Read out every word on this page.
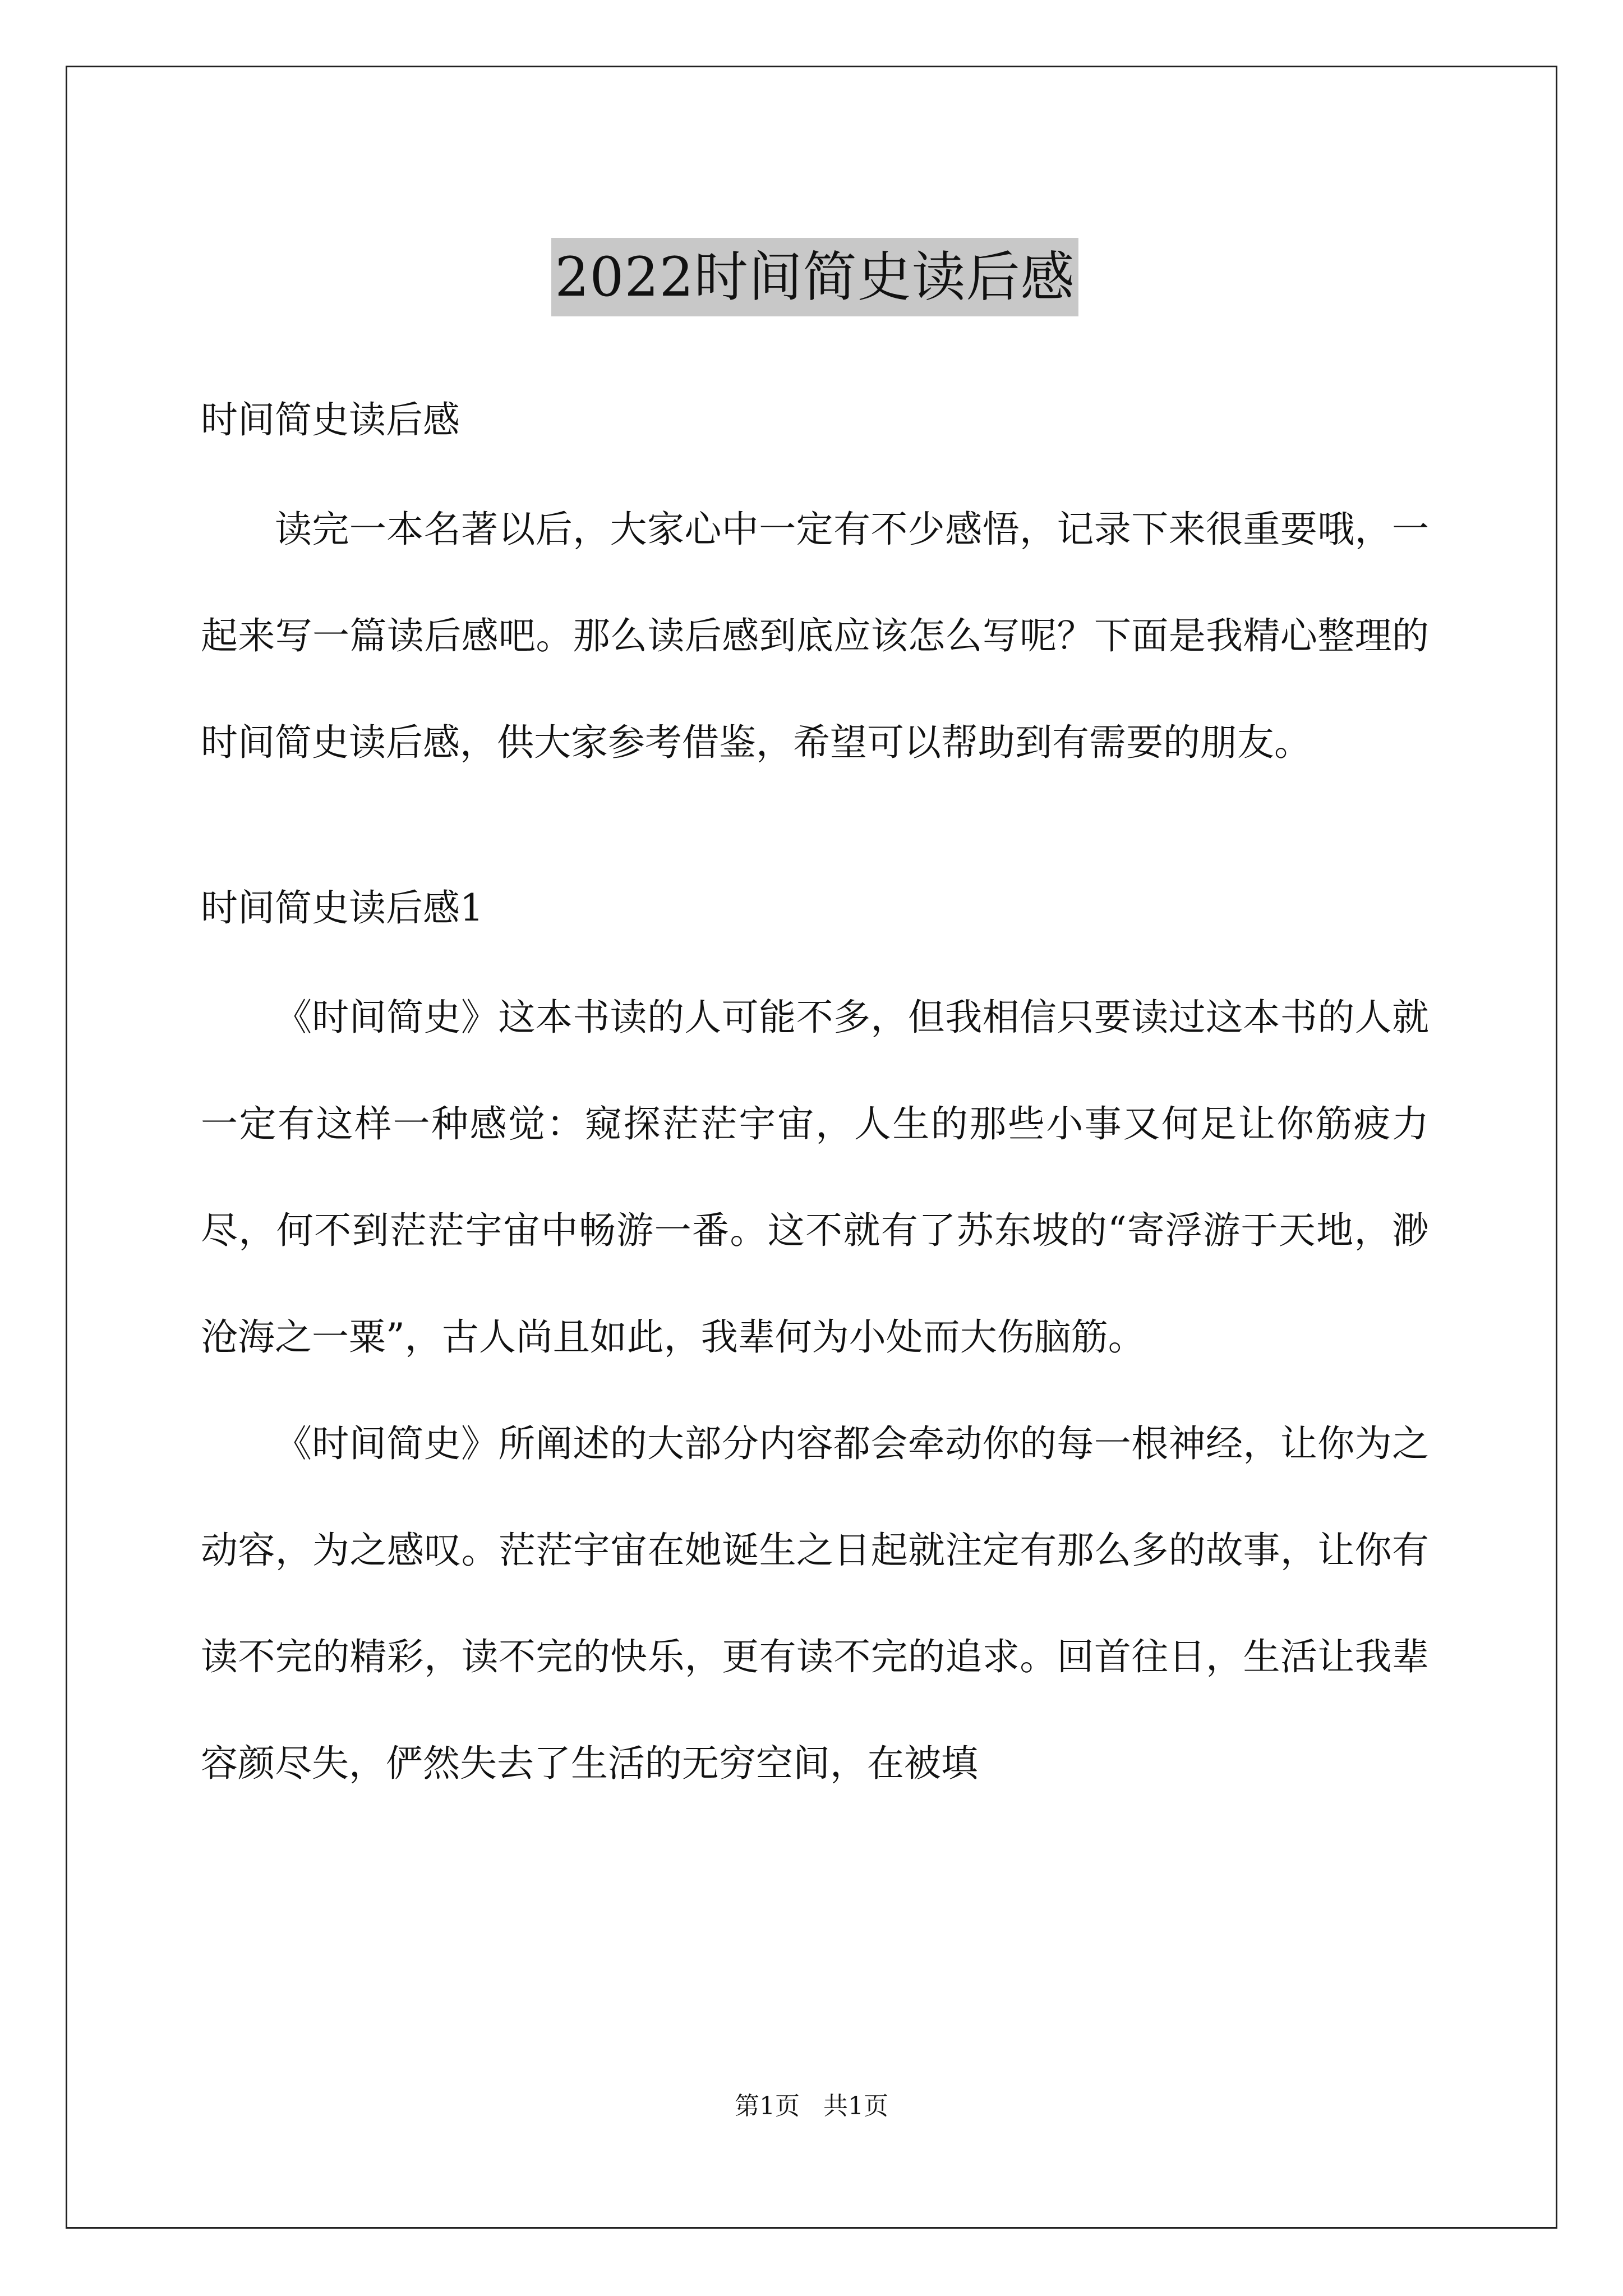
2022时间简史读后感

时间简史读后感

读完一本名著以后，大家心中一定有不少感悟，记录下来很重要哦，一起来写一篇读后感吧。那么读后感到底应该怎么写呢？下面是我精心整理的时间简史读后感，供大家参考借鉴，希望可以帮助到有需要的朋友。

时间简史读后感1

《时间简史》这本书读的人可能不多，但我相信只要读过这本书的人就一定有这样一种感觉：窥探茫茫宇宙，人生的那些小事又何足让你筋疲力尽，何不到茫茫宇宙中畅游一番。这不就有了苏东坡的“寄浮游于天地，渺沧海之一粟”，古人尚且如此，我辈何为小处而大伤脑筋。

《时间简史》所阐述的大部分内容都会牵动你的每一根神经，让你为之动容，为之感叹。茫茫宇宙在她诞生之日起就注定有那么多的故事，让你有读不完的精彩，读不完的快乐，更有读不完的追求。回首往日，生活让我辈容颜尽失，俨然失去了生活的无穷空间，在被填

第1页 共1页
